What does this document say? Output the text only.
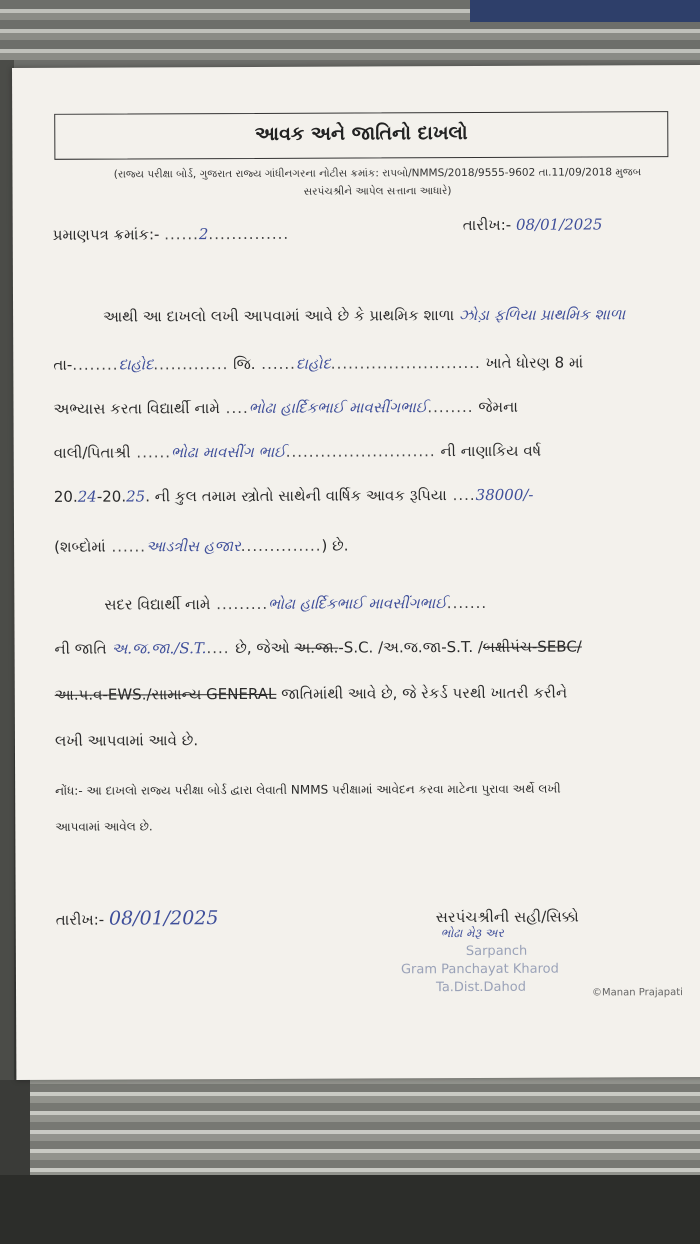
આવક અને જાતિનો દાખલો
(રાજ્ય પરીક્ષા બોર્ડ, ગુજરાત રાજ્ય ગાંધીનગરના નોટીસ ક્રમાંક: રાપબો/NMMS/2018/9555-9602 તા.11/09/2018 મુજબ
સરપંચશ્રીને આપેલ સત્તાના આધારે)
પ્રમાણપત્ર ક્રમાંક:- ......2..............	તારીખ:- 08/01/2025
આથી આ દાખલો લખી આપવામાં આવે છે કે પ્રાથમિક શાળા ઝોડ઼ા ફળિયા પ્રાથમિક શાળા
તા-........દાહોદ............. જિ. ......દાહોદ.......................... ખાતે ધોરણ 8 માં
અભ્યાસ કરતા વિદ્યાર્થી નામે ....ભોઢા હાર્દિકભાઈ માવસીંગભાઈ........ જેમના
વાલી/પિતાશ્રી ......ભોઢા માવસીંગ ભાઈ.......................... ની નાણાકિય વર્ષ
20.24-20.25. ની કુલ તમામ સ્ત્રોતો સાથેની વાર્ષિક આવક રૂપિયા ....38000/-
(શબ્દોમાં ......આડત્રીસ હજાર..............) છે.
સદર વિદ્યાર્થી નામે .........ભોઢા હાર્દિકભાઈ માવસીંગભાઈ.......
ની જાતિ અ.જ.જા./S.T..... છે, જેઓ અ.જા.-S.C. /અ.જ.જા-S.T. /બક્ષીપંચ-SEBC/
આ.પ.વ-EWS./સામાન્ય GENERAL જાતિમાંથી આવે છે, જે રેકર્ડ પરથી ખાતરી કરીને
લખી આપવામાં આવે છે.
નોંધ:- આ દાખલો રાજ્ય પરીક્ષા બોર્ડ દ્વારા લેવાતી NMMS પરીક્ષામાં આવેદન કરવા માટેના પુરાવા અર્થે લખી
આપવામાં આવેલ છે.
તારીખ:- 08/01/2025	સરપંચશ્રીની સહી/સિક્કો
ભોઢા મેરૂ અર
Sarpanch
Gram Panchayat Kharod
Ta.Dist.Dahod	©Manan Prajapati
